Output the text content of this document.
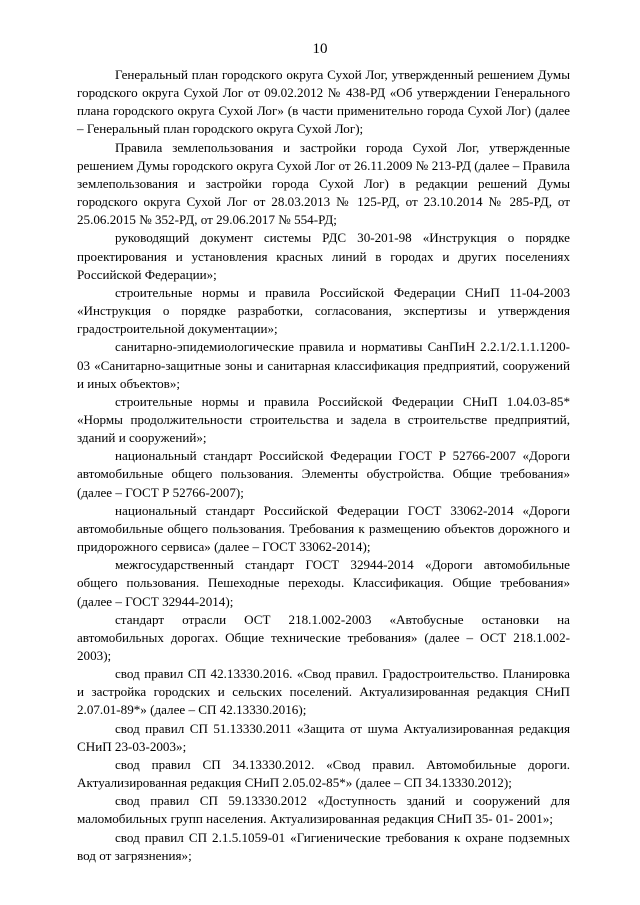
10

Генеральный план городского округа Сухой Лог, утвержденный решением Думы городского округа Сухой Лог от 09.02.2012 № 438-РД «Об утверждении Генерального плана городского округа Сухой Лог» (в части применительно города Сухой Лог) (далее – Генеральный план городского округа Сухой Лог);

Правила землепользования и застройки города Сухой Лог, утвержденные решением Думы городского округа Сухой Лог от 26.11.2009 № 213-РД (далее – Правила землепользования и застройки города Сухой Лог) в редакции решений Думы городского округа Сухой Лог от 28.03.2013 № 125-РД, от 23.10.2014 № 285-РД, от 25.06.2015 № 352-РД, от 29.06.2017 № 554-РД;

руководящий документ системы РДС 30-201-98 «Инструкция о порядке проектирования и установления красных линий в городах и других поселениях Российской Федерации»;

строительные нормы и правила Российской Федерации СНиП 11-04-2003 «Инструкция о порядке разработки, согласования, экспертизы и утверждения градостроительной документации»;

санитарно-эпидемиологические правила и нормативы СанПиН 2.2.1/2.1.1.1200-03 «Санитарно-защитные зоны и санитарная классификация предприятий, сооружений и иных объектов»;

строительные нормы и правила Российской Федерации СНиП 1.04.03-85* «Нормы продолжительности строительства и задела в строительстве предприятий, зданий и сооружений»;

национальный стандарт Российской Федерации ГОСТ Р 52766-2007 «Дороги автомобильные общего пользования. Элементы обустройства. Общие требования» (далее – ГОСТ Р 52766-2007);

национальный стандарт Российской Федерации ГОСТ 33062-2014 «Дороги автомобильные общего пользования. Требования к размещению объектов дорожного и придорожного сервиса» (далее – ГОСТ 33062-2014);

межгосударственный стандарт ГОСТ 32944-2014 «Дороги автомобильные общего пользования. Пешеходные переходы. Классификация. Общие требования» (далее – ГОСТ 32944-2014);

стандарт отрасли ОСТ 218.1.002-2003 «Автобусные остановки на автомобильных дорогах. Общие технические требования» (далее – ОСТ 218.1.002-2003);

свод правил СП 42.13330.2016. «Свод правил. Градостроительство. Планировка и застройка городских и сельских поселений. Актуализированная редакция СНиП 2.07.01-89*» (далее – СП 42.13330.2016);

свод правил СП 51.13330.2011 «Защита от шума Актуализированная редакция СНиП 23-03-2003»;

свод правил СП 34.13330.2012. «Свод правил. Автомобильные дороги. Актуализированная редакция СНиП 2.05.02-85*» (далее – СП 34.13330.2012);

свод правил СП 59.13330.2012 «Доступность зданий и сооружений для маломобильных групп населения. Актуализированная редакция СНиП 35- 01- 2001»;

свод правил СП 2.1.5.1059-01 «Гигиенические требования к охране подземных вод от загрязнения»;
